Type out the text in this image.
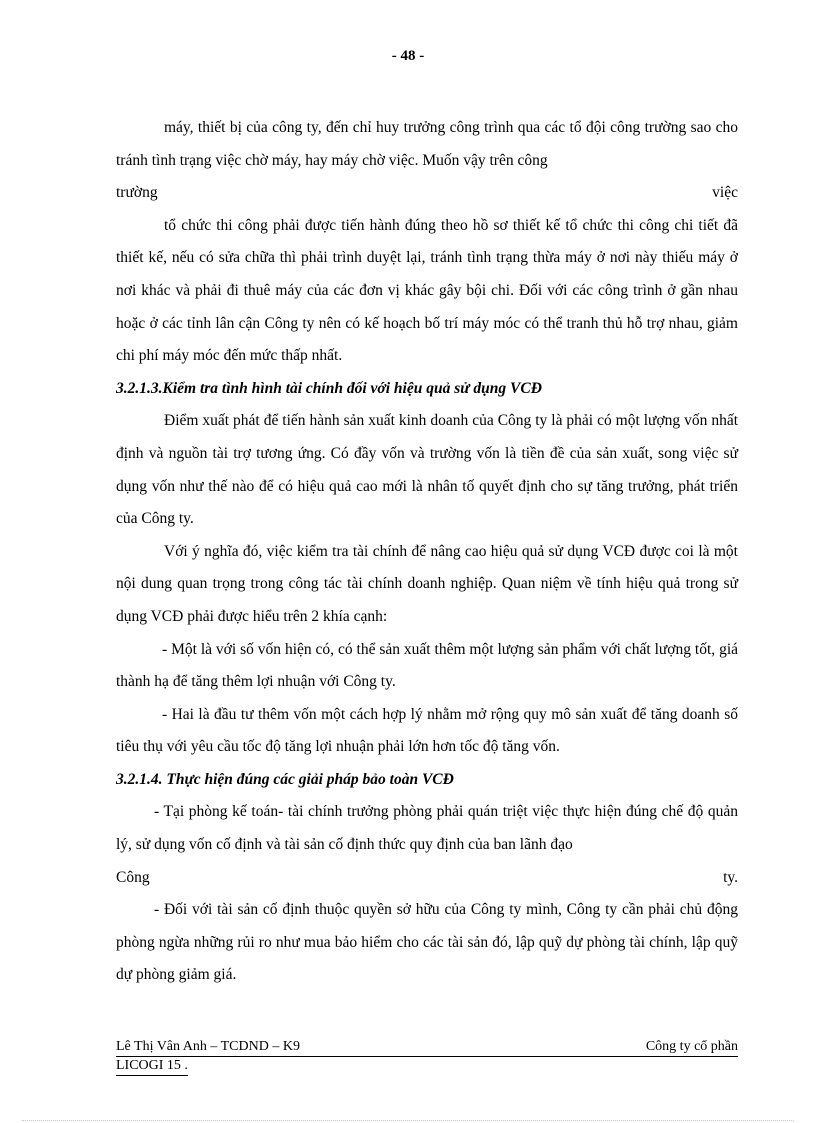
- 48 -

máy, thiết bị của công ty, đến chỉ huy trưởng công trình qua các tổ đội công trường sao cho tránh tình trạng việc chờ máy, hay máy chờ việc. Muốn vậy trên công

trường	việc

tổ chức thi công phải được tiến hành đúng theo hồ sơ thiết kế tổ chức thi công chi tiết đã thiết kế, nếu có sửa chữa thì phải trình duyệt lại, tránh tình trạng thừa máy ở nơi này thiếu máy ở nơi khác và phải đi thuê máy của các đơn vị khác gây bội chi. Đối với các công trình ở gần nhau hoặc ở các tỉnh lân cận Công ty nên có kế hoạch bố trí máy móc có thể tranh thủ hỗ trợ nhau, giảm chi phí máy móc đến mức thấp nhất.

3.2.1.3.Kiểm tra tình hình tài chính đối với hiệu quả sử dụng VCĐ

Điểm xuất phát để tiến hành sản xuất kinh doanh của Công ty là phải có một lượng vốn nhất định và nguồn tài trợ tương ứng. Có đầy vốn và trường vốn là tiền đề của sản xuất, song việc sử dụng vốn như thế nào để có hiệu quả cao mới là nhân tố quyết định cho sự tăng trưởng, phát triển của Công ty.

Với ý nghĩa đó, việc kiểm tra tài chính để nâng cao hiệu quả sử dụng VCĐ được coi là một nội dung quan trọng trong công tác tài chính doanh nghiệp. Quan niệm về tính hiệu quả trong sử dụng VCĐ phải được hiểu trên 2 khía cạnh:

- Một là với số vốn hiện có, có thể sản xuất thêm một lượng sản phẩm với chất lượng tốt, giá thành hạ để tăng thêm lợi nhuận với Công ty.

- Hai là đầu tư thêm vốn một cách hợp lý nhằm mở rộng quy mô sản xuất để tăng doanh số tiêu thụ với yêu cầu tốc độ tăng lợi nhuận phải lớn hơn tốc độ tăng vốn.

3.2.1.4. Thực hiện đúng các giải pháp bảo toàn VCĐ

- Tại phòng kế toán- tài chính trưởng phòng phải quán triệt việc thực hiện đúng chế độ quản lý, sử dụng vốn cố định và tài sản cố định thức quy định của ban lãnh đạo

Công	ty.

- Đối với tài sản cố định thuộc quyền sở hữu của Công ty mình, Công ty cần phải chủ động phòng ngừa những rủi ro như mua bảo hiểm cho các tài sản đó, lập quỹ dự phòng tài chính, lập quỹ dự phòng giảm giá.

Lê Thị Vân Anh – TCDND – K9	Công ty cổ phần
LICOGI 15 .
